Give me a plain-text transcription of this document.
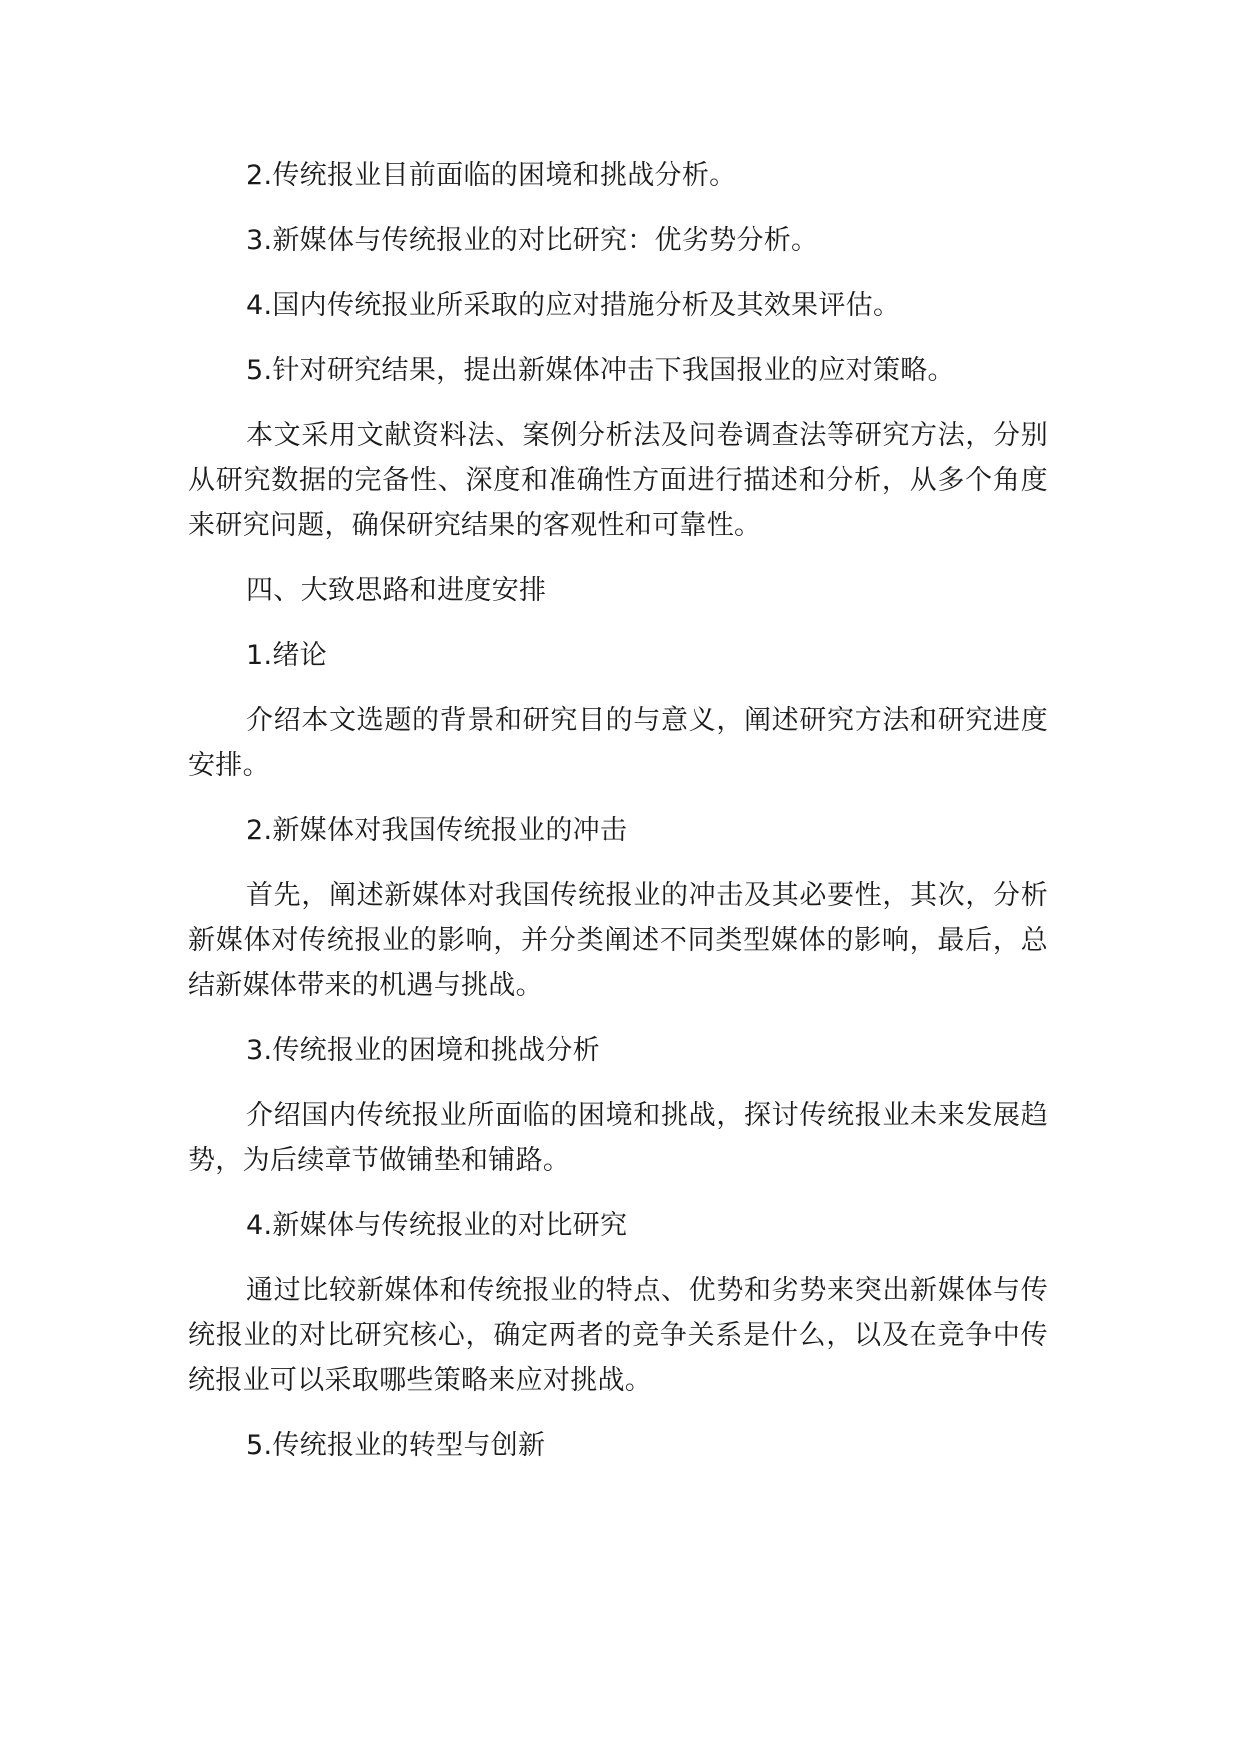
2.传统报业目前面临的困境和挑战分析。

3.新媒体与传统报业的对比研究：优劣势分析。

4.国内传统报业所采取的应对措施分析及其效果评估。

5.针对研究结果，提出新媒体冲击下我国报业的应对策略。

本文采用文献资料法、案例分析法及问卷调查法等研究方法，分别从研究数据的完备性、深度和准确性方面进行描述和分析，从多个角度来研究问题，确保研究结果的客观性和可靠性。

四、大致思路和进度安排

1.绪论

介绍本文选题的背景和研究目的与意义，阐述研究方法和研究进度安排。

2.新媒体对我国传统报业的冲击

首先，阐述新媒体对我国传统报业的冲击及其必要性，其次，分析新媒体对传统报业的影响，并分类阐述不同类型媒体的影响，最后，总结新媒体带来的机遇与挑战。

3.传统报业的困境和挑战分析

介绍国内传统报业所面临的困境和挑战，探讨传统报业未来发展趋势，为后续章节做铺垫和铺路。

4.新媒体与传统报业的对比研究

通过比较新媒体和传统报业的特点、优势和劣势来突出新媒体与传统报业的对比研究核心，确定两者的竞争关系是什么，以及在竞争中传统报业可以采取哪些策略来应对挑战。

5.传统报业的转型与创新
